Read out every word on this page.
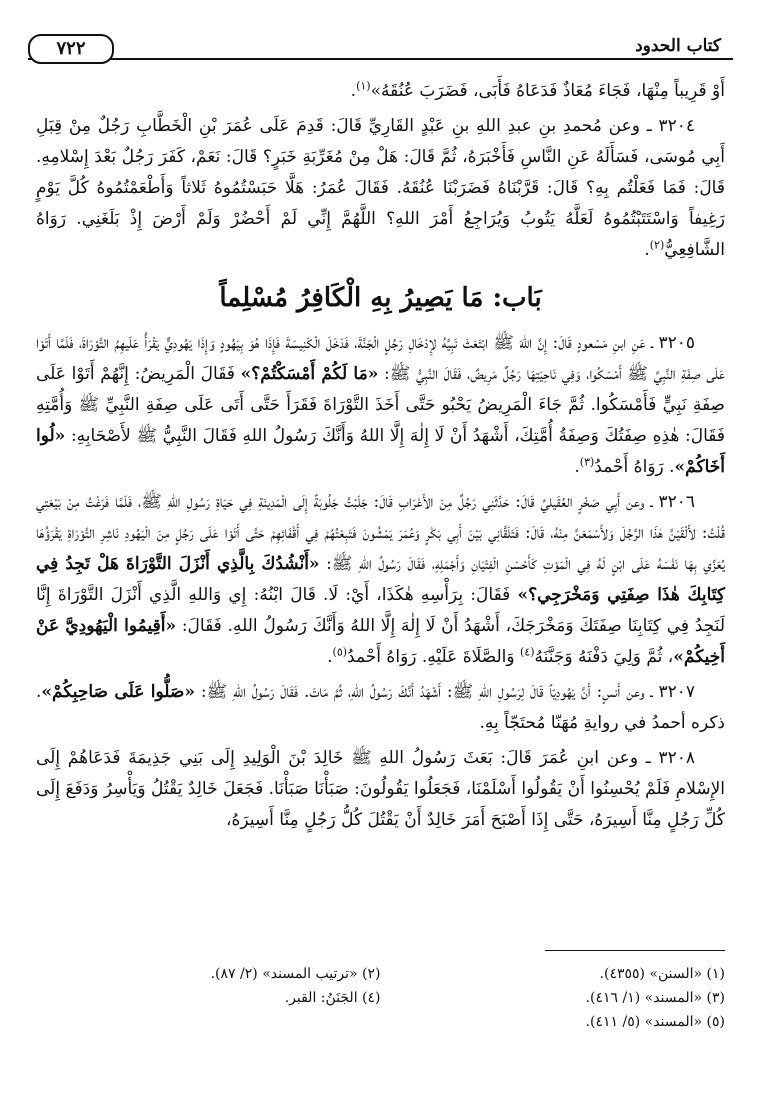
كتاب الحدود
٧٢٢

أَوْ قَرِيباً مِنْهَا، فَجَاءَ مُعَاذٌ فَدَعَاهُ فَأَبَى، فَضَرَبَ عُنُقَهُ»$^{(١)}$.

٣٢٠٤ ـ وعن مُحمدِ بنِ عبدِ اللهِ بنِ عَبْدٍ القَارِيِّ قَالَ: قَدِمَ عَلَى عُمَرَ بْنِ الْخَطَّابِ رَجُلٌ مِنْ قِبَلِ أَبِي مُوسَى، فَسَأَلَهُ عَنِ النَّاسِ فَأَخْبَرَهُ، ثُمَّ قَالَ: هَلْ مِنْ مُغَرِّبَةِ خَبَرٍ؟ قَالَ: نَعَمْ، كَفَرَ رَجُلٌ بَعْدَ إِسْلامِهِ. قَالَ: فَمَا فَعَلْتُم بِهِ؟ قَالَ: قَرَّبْنَاهُ فَضَرَبْنَا عُنُقَهُ. فَقَالَ عُمَرُ: هَلَّا حَبَسْتُمُوهُ ثَلاثاً وَأَطْعَمْتُمُوهُ كُلَّ يَوْمٍ رَغِيفاً وَاسْتَتَبْتُمُوهُ لَعَلَّهُ يَتُوبُ وَيُرَاجِعُ أَمْرَ اللهِ؟ اللَّهُمَّ إِنِّي لَمْ أَحْضُرْ وَلَمْ أَرْضَ إِذْ بَلَغَنِي. رَوَاهُ الشَّافِعِيُّ$^{(٢)}$.

بَاب: مَا يَصِيرُ بِهِ الْكَافِرُ مُسْلِماً

٣٢٠٥ ـ عَنِ ابنِ مَسْعودٍ قَالَ: إِنَّ اللهَ ﷺ ابْتَعَثَ نَبِيَّهُ لإِدْخَالِ رَجُلٍ الْجَنَّةَ، فَدَخَلَ الْكَنِيسَةَ فَإِذَا هُوَ بِيَهُودٍ وَإِذَا يَهُودِيٌّ يَقْرَأُ عَلَيهِمُ التَّوْرَاةَ، فَلَمَّا أَتَوْا عَلَى صِفَةِ النَّبِيِّ ﷺ أَمْسَكُوا، وَفِي نَاحِيَتِهَا رَجُلٌ مَرِيضٌ، فَقَالَ النَّبِيُّ ﷺ: «مَا لَكُمْ أَمْسَكْتُمْ؟» فَقَالَ الْمَرِيضُ: إِنَّهُمْ أَتَوْا عَلَى صِفَةِ نَبِيٍّ فَأَمْسَكُوا. ثُمَّ جَاءَ الْمَرِيضُ يَحْبُو حَتَّى أَخَذَ التَّوْرَاةَ فَقَرَأَ حَتَّى أَتَى عَلَى صِفَةِ النَّبِيِّ ﷺ وَأُمَّتِهِ فَقَالَ: هٰذِهِ صِفَتُكَ وَصِفَةُ أُمَّتِكَ، أَشْهَدُ أَنْ لَا إِلٰهَ إِلَّا اللهُ وَأَنَّكَ رَسُولُ اللهِ فَقَالَ النَّبِيُّ ﷺ لأَصْحَابِهِ: «لُوا أَخَاكُمْ». رَوَاهُ أَحْمدُ$^{(٣)}$.

٣٢٠٦ ـ وعن أَبِي صَخْرٍ العُقَيليِّ قَالَ: حَدَّثَنِي رَجُلٌ مِنَ الأَعْرَابِ قَالَ: جَلَبْتُ جَلُوبَةً إِلَى الْمَدِينَةِ فِي حَيَاةِ رَسُولِ اللهِ ﷺ، فَلَمَّا فَرَغْتُ مِنْ بَيْعَتِي قُلْتُ: لأَلْقَيَنَّ هٰذَا الرَّجُلَ وَلأَسْمَعَنَّ مِنْهُ، قَالَ: فَتَلَقَّانِي بَيْنَ أَبِي بَكْرٍ وَعُمَرَ يَمْشُونَ فَتَبِعْتُهُمْ فِي أَقْفَائِهِمْ حَتَّى أَتَوْا عَلَى رَجُلٍ مِنَ الْيَهُودِ نَاشِرِ التَّوْرَاةِ يَقْرَؤُهَا يُعَزِّي بِهَا نَفْسَهُ عَلَى ابْنٍ لَهُ فِي الْمَوْتِ كَأَحْسَنِ الْفِتْيَانِ وَأَجْمَلِهِ، فَقَالَ رَسُولُ اللهِ ﷺ: «أَنْشُدُكَ بِالَّذِي أَنْزَلَ التَّوْرَاةَ هَلْ تَجِدُ فِي كِتَابِكَ هٰذَا صِفَتِي وَمَخْرَجِي؟» فَقَالَ: بِرَأْسِهِ هٰكَذَا، أَيْ: لَا. قَالَ ابْنُهُ: إِي وَاللهِ الَّذِي أَنْزَلَ التَّوْرَاةَ إِنَّا لَنَجِدُ فِي كِتَابِنَا صِفَتَكَ وَمَخْرَجَكَ، أَشْهَدُ أَنْ لَا إِلٰهَ إِلَّا اللهُ وَأَنَّكَ رَسُولُ اللهِ. فَقَالَ: «أَقِيمُوا الْيَهُودِيَّ عَنْ أَخِيكُمْ»، ثُمَّ وَلِيَ دَفْنَهُ وَجَنَّنَهُ$^{(٤)}$ وَالصَّلَاةَ عَلَيْهِ. رَوَاهُ أَحْمدُ$^{(٥)}$.

٣٢٠٧ ـ وعن أَنسٍ: أَنَّ يَهُودِيّاً قَالَ لِرَسُولِ اللهِ ﷺ: أَشْهَدُ أَنَّكَ رَسُولُ اللهِ، ثُمَّ مَاتَ. فَقَالَ رَسُولُ اللهِ ﷺ: «صَلُّوا عَلَى صَاحِبِكُمْ». ذكره أحمدُ في روايةِ مُهَنّا مُحتَجّاً بِهِ.

٣٢٠٨ ـ وعن ابنِ عُمَرَ قَالَ: بَعَثَ رَسُولُ اللهِ ﷺ خَالِدَ بْنَ الْوَلِيدِ إِلَى بَنِي جَذِيمَةَ فَدَعَاهُمْ إِلَى الإِسْلامِ فَلَمْ يُحْسِنُوا أَنْ يَقُولُوا أَسْلَمْنَا، فَجَعَلُوا يَقُولُونَ: صَبَأْنَا صَبَأْنَا. فَجَعَلَ خَالِدٌ يَقْتُلُ وَيَأْسِرُ وَدَفَعَ إِلَى كُلِّ رَجُلٍ مِنَّا أَسِيرَهُ، حَتَّى إِذَا أَصْبَحَ أَمَرَ خَالِدٌ أَنْ يَقْتُلَ كُلُّ رَجُلٍ مِنَّا أَسِيرَهُ،

(١) «السنن» (٤٣٥٥).
(٢) «ترتيب المسند» (٢/ ٨٧).
(٣) «المسند» (١/ ٤١٦).
(٤) الجَنَنُ: القبر.
(٥) «المسند» (٥/ ٤١١).
